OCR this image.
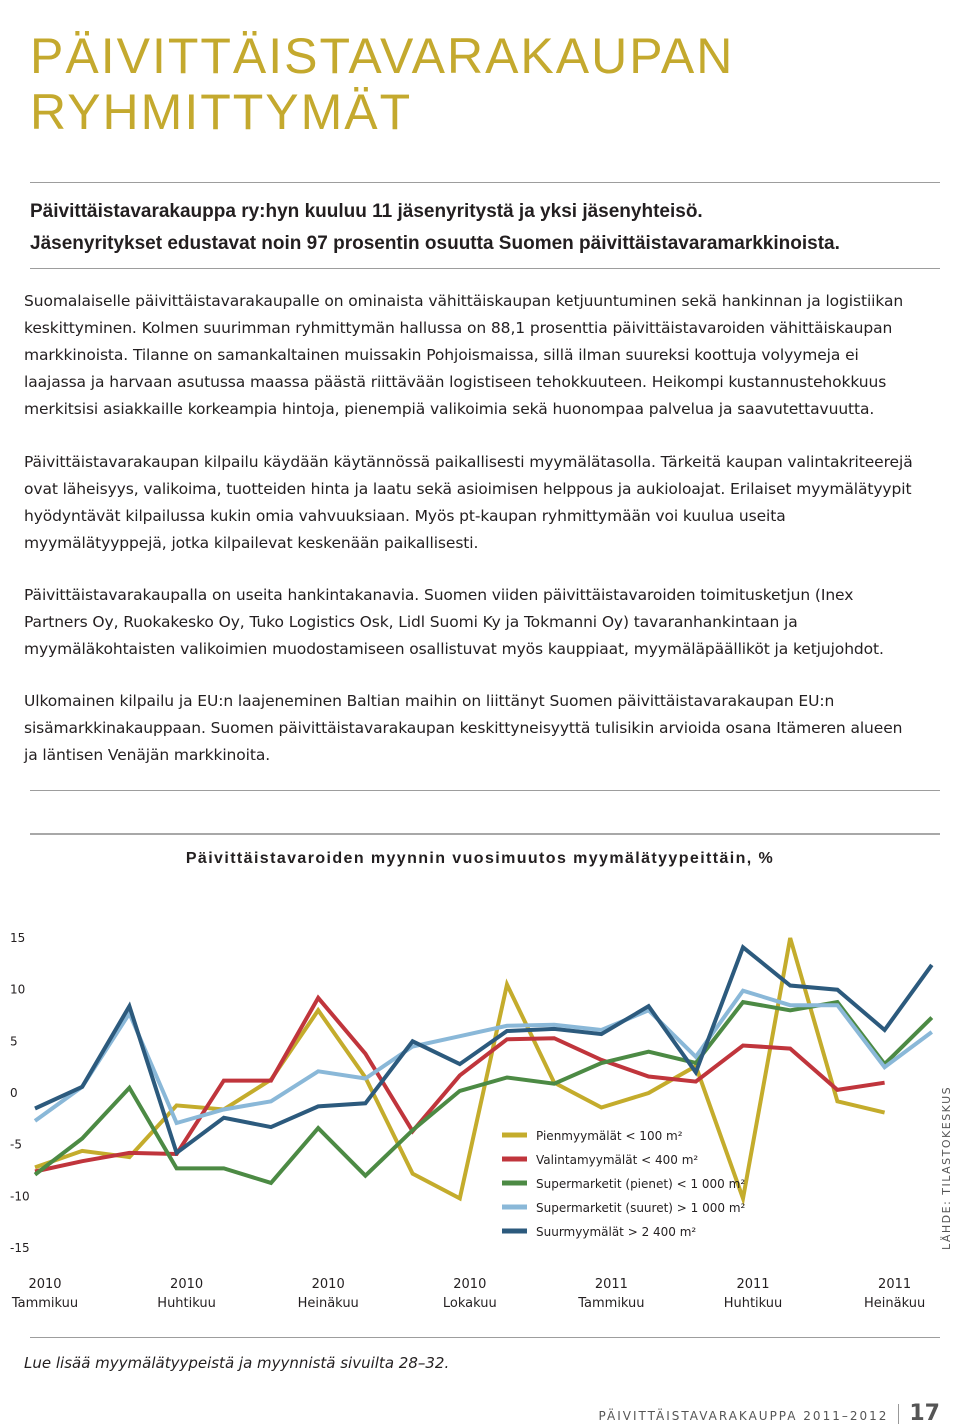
PÄIVITTÄISTAVARAKAUPAN
RYHMITTYMÄT

Päivittäistavarakauppa ry:hyn kuuluu 11 jäsenyritystä ja yksi jäsenyhteisö.
Jäsenyritykset edustavat noin 97 prosentin osuutta Suomen päivittäistavaramarkkinoista.

Suomalaiselle päivittäistavarakaupalle on ominaista vähittäiskaupan ketjuuntuminen sekä hankinnan ja logistiikan keskittyminen. Kolmen suurimman ryhmittymän hallussa on 88,1 prosenttia päivittäistavaroiden vähittäiskaupan markkinoista. Tilanne on samankaltainen muissakin Pohjoismaissa, sillä ilman suureksi koottuja volyymeja ei laajassa ja harvaan asutussa maassa päästä riittävään logistiseen tehokkuuteen. Heikompi kustannustehokkuus merkitsisi asiakkaille korkeampia hintoja, pienempiä valikoimia sekä huonompaa palvelua ja saavutettavuutta.

Päivittäistavarakaupan kilpailu käydään käytännössä paikallisesti myymälätasolla. Tärkeitä kaupan valintakriteerejä ovat läheisyys, valikoima, tuotteiden hinta ja laatu sekä asioimisen helppous ja aukioloajat. Erilaiset myymälätyypit hyödyntävät kilpailussa kukin omia vahvuuksiaan. Myös pt-kaupan ryhmittymään voi kuulua useita myymälätyyppejä, jotka kilpailevat keskenään paikallisesti.

Päivittäistavarakaupalla on useita hankintakanavia. Suomen viiden päivittäistavaroiden toimitusketjun (Inex Partners Oy, Ruokakesko Oy, Tuko Logistics Osk, Lidl Suomi Ky ja Tokmanni Oy) tavaranhankintaan ja myymäläkohtaisten valikoimien muodostamiseen osallistuvat myös kauppiaat, myymäläpäälliköt ja ketjujohdot.

Ulkomainen kilpailu ja EU:n laajeneminen Baltian maihin on liittänyt Suomen päivittäistavarakaupan EU:n sisämarkkinakauppaan. Suomen päivittäistavarakaupan keskittyneisyyttä tulisikin arvioida osana Itämeren alueen ja läntisen Venäjän markkinoita.

Päivittäistavaroiden myynnin vuosimuutos myymälätyypeittäin, %
15
10
5
0
-5
-10
-15
2010
Tammikuu
2010
Huhtikuu
2010
Heinäkuu
2010
Lokakuu
2011
Tammikuu
2011
Huhtikuu
2011
Heinäkuu
Pienmyymälät < 100 m²
Valintamyymälät < 400 m²
Supermarketit (pienet) < 1 000 m²
Supermarketit (suuret) > 1 000 m²
Suurmyymälät > 2 400 m²	LÄHDE: TILASTOKESKUS

Lue lisää myymälätyypeistä ja myynnistä sivuilta 28–32.

PÄIVITTÄISTAVARAKAUPPA 2011–2012 17
